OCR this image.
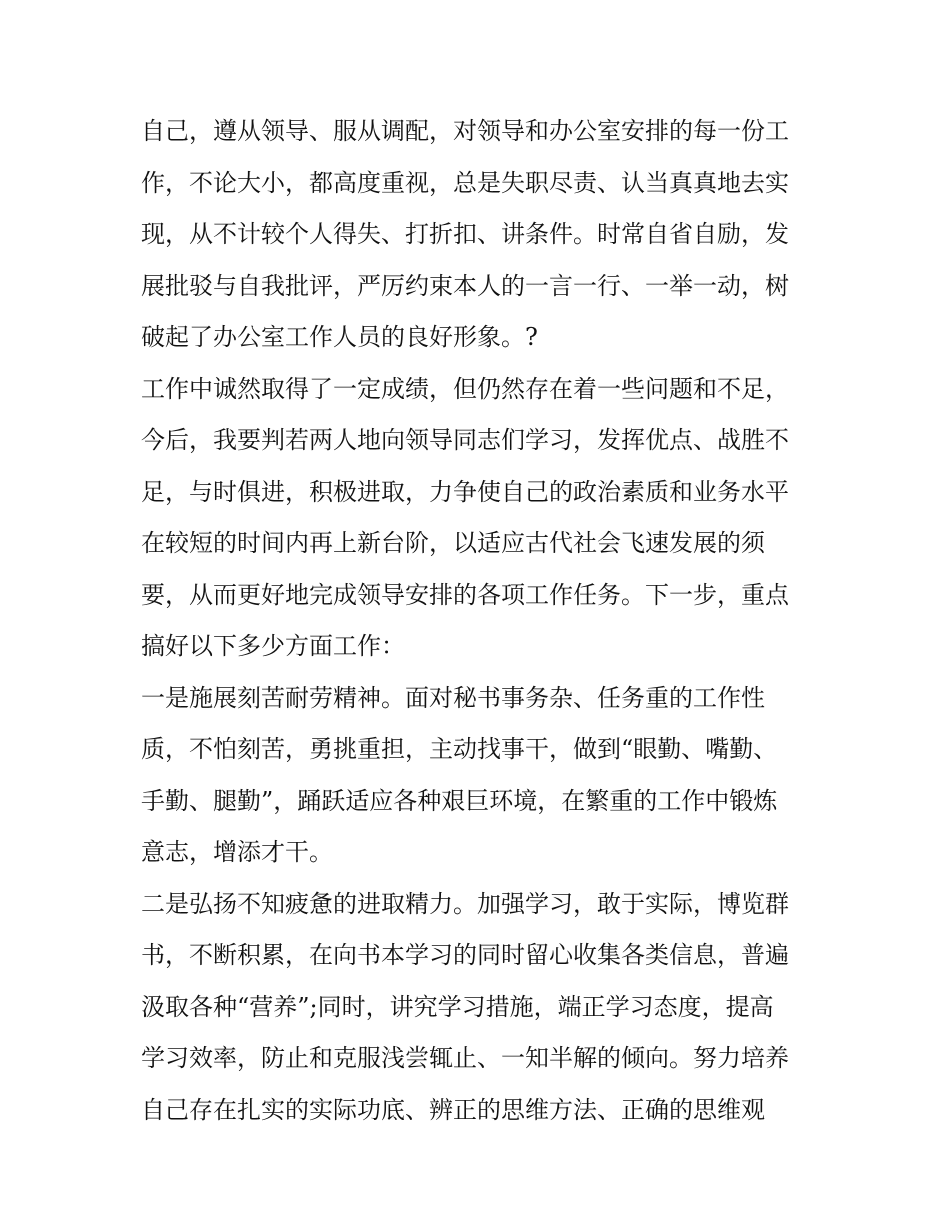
自己，遵从领导、服从调配，对领导和办公室安排的每一份工
作，不论大小，都高度重视，总是失职尽责、认当真真地去实
现，从不计较个人得失、打折扣、讲条件。时常自省自励，发
展批驳与自我批评，严厉约束本人的一言一行、一举一动，树
破起了办公室工作人员的良好形象。?
工作中诚然取得了一定成绩，但仍然存在着一些问题和不足，
今后，我要判若两人地向领导同志们学习，发挥优点、战胜不
足，与时俱进，积极进取，力争使自己的政治素质和业务水平
在较短的时间内再上新台阶，以适应古代社会飞速发展的须
要，从而更好地完成领导安排的各项工作任务。下一步，重点
搞好以下多少方面工作：
一是施展刻苦耐劳精神。面对秘书事务杂、任务重的工作性
质，不怕刻苦，勇挑重担，主动找事干，做到“眼勤、嘴勤、
手勤、腿勤”，踊跃适应各种艰巨环境，在繁重的工作中锻炼
意志，增添才干。
二是弘扬不知疲惫的进取精力。加强学习，敢于实际，博览群
书，不断积累，在向书本学习的同时留心收集各类信息，普遍
汲取各种“营养”;同时，讲究学习措施，端正学习态度，提高
学习效率，防止和克服浅尝辄止、一知半解的倾向。努力培养
自己存在扎实的实际功底、辨正的思维方法、正确的思维观
